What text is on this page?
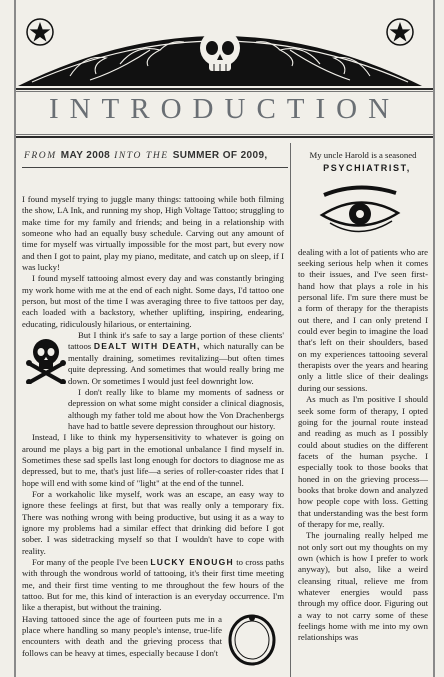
INTRODUCTION
FROM MAY 2008 INTO THE SUMMER OF 2009,

I found myself trying to juggle many things: tattooing while both filming the show, LA Ink, and running my shop, High Voltage Tattoo; struggling to make time for my family and friends; and being in a relationship with someone who had an equally busy schedule. Carving out any amount of time for myself was virtually impossible for the most part, but every now and then I got to paint, play my piano, meditate, and catch up on sleep, if I was lucky!

I found myself tattooing almost every day and was constantly bringing my work home with me at the end of each night. Some days, I'd tattoo one person, but most of the time I was averaging three to five tattoos per day, each loaded with a backstory, whether uplifting, inspiring, endearing, educating, ridiculously hilarious, or entertaining.

But I think it's safe to say a large portion of these clients' tattoos DEALT WITH DEATH, which naturally can be mentally draining, sometimes revitalizing—but often times quite depressing. And sometimes that would really bring me down. Or sometimes I would just feel downright low.

I don't really like to blame my moments of sadness or depression on what some might consider a clinical diagnosis, although my father told me about how the Von Drachenbergs have had to battle severe depression throughout our history.

Instead, I like to think my hypersensitivity to whatever is going on around me plays a big part in the emotional unbalance I find myself in. Sometimes these sad spells last long enough for doctors to diagnose me as depressed, but to me, that's just life—a series of roller-coaster rides that I hope will end with some kind of "light" at the end of the tunnel.

For a workaholic like myself, work was an escape, an easy way to ignore these feelings at first, but that was really only a temporary fix. There was nothing wrong with being productive, but using it as a way to ignore my problems had a similar effect that drinking did before I got sober. I was sidetracking myself so that I wouldn't have to cope with reality.

For many of the people I've been LUCKY ENOUGH to cross paths with through the wondrous world of tattooing, it's their first time meeting me, and their first time venting to me throughout the few hours of the tattoo. But for me, this kind of interaction is an everyday occurrence. I'm like a therapist, but without the training.

Having tattooed since the age of fourteen puts me in a place where handling so many people's intense, true-life encounters with death and the grieving process that follows can be heavy at times, especially because I don't

My uncle Harold is a seasoned

PSYCHIATRIST,

dealing with a lot of patients who are seeking serious help when it comes to their issues, and I've seen first-hand how that plays a role in his personal life. I'm sure there must be a form of therapy for the therapists out there, and I can only pretend I could ever begin to imagine the load that's left on their shoulders, based on my experiences tattooing several therapists over the years and hearing only a little slice of their dealings during our sessions.

As much as I'm positive I should seek some form of therapy, I opted going for the journal route instead and reading as much as I possibly could about studies on the different facets of the human psyche. I especially took to those books that honed in on the grieving process—books that broke down and analyzed how people cope with loss. Getting that understanding was the best form of therapy for me, really.

The journaling really helped me not only sort out my thoughts on my own (which is how I prefer to work anyway), but also, like a weird cleansing ritual, relieve me from whatever energies would pass through my office door. Figuring out a way to not carry some of these feelings home with me into my own relationships was
